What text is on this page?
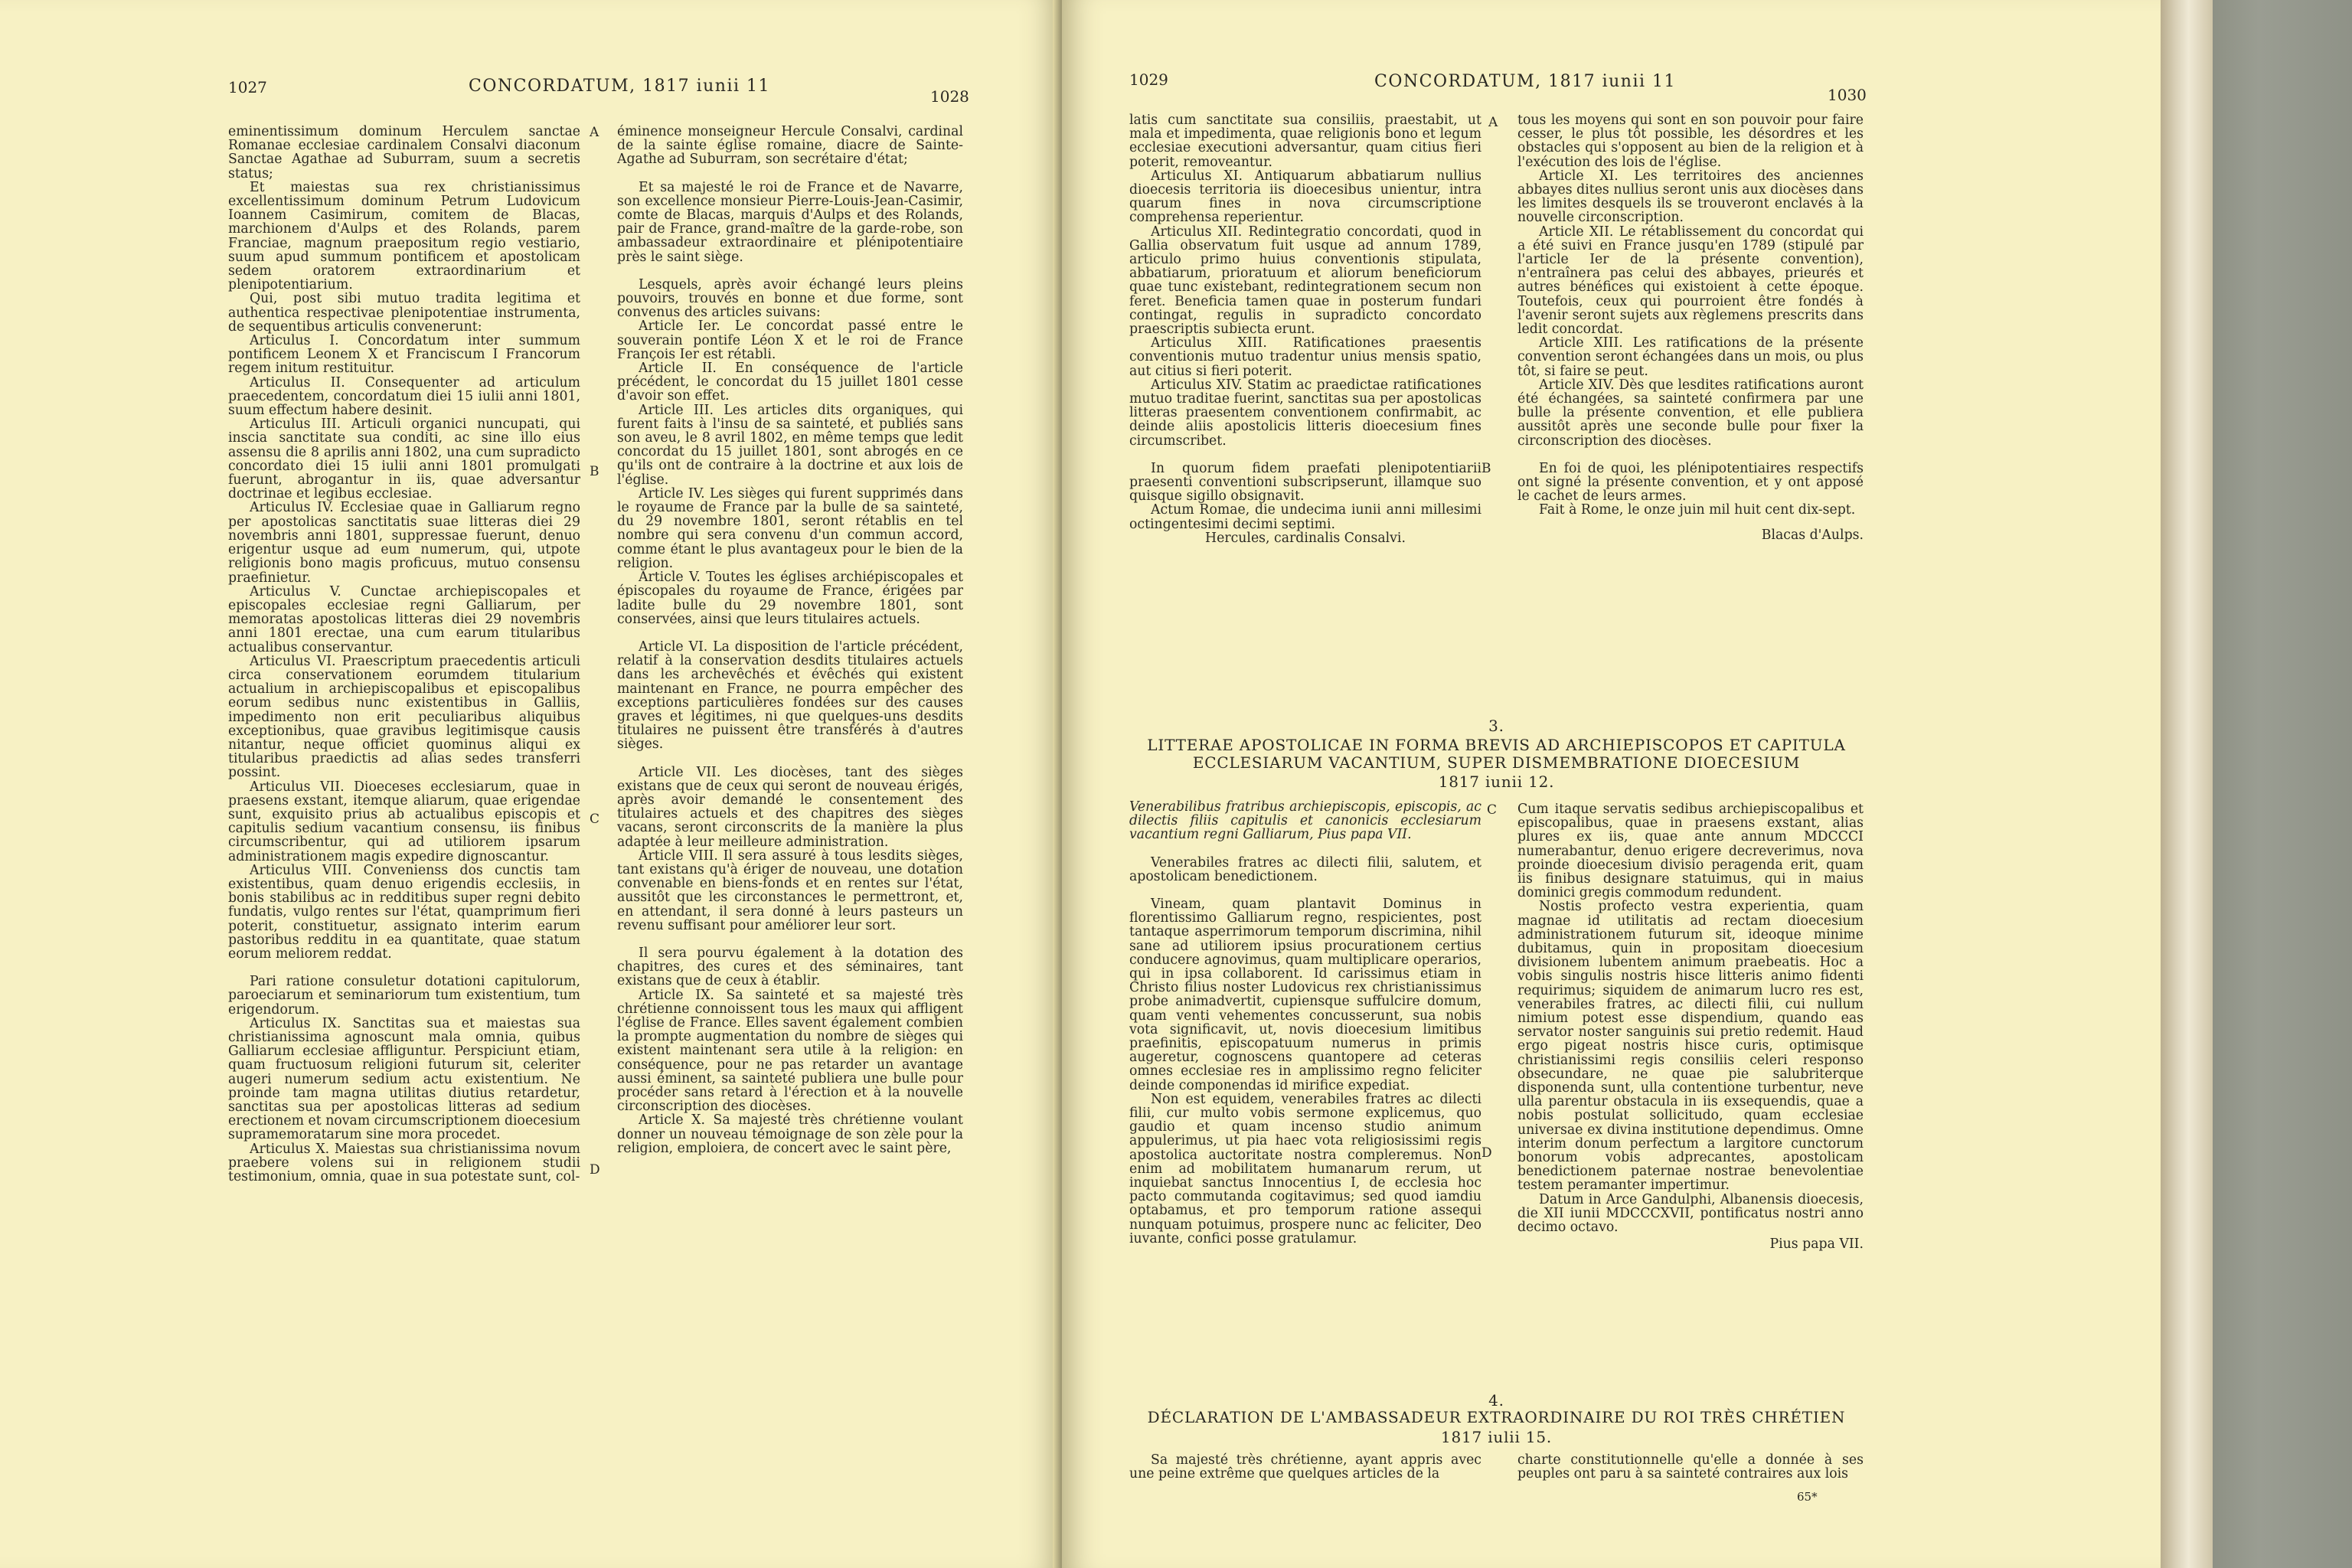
1027	CONCORDATUM, 1817 iunii 11
1028

eminentissimum dominum Herculem sanctae Romanae ecclesiae cardinalem Consalvi diaconum Sanctae Agathae ad Suburram, suum a secretis status;

Et maiestas sua rex christianissimus excellentissimum dominum Petrum Ludovicum Ioannem Casimirum, comitem de Blacas, marchionem d'Aulps et des Rolands, parem Franciae, magnum praepositum regio vestiario, suum apud summum pontificem et apostolicam sedem oratorem extraordinarium et plenipotentiarium.

Qui, post sibi mutuo tradita legitima et authentica respectivae plenipotentiae instrumenta, de sequentibus articulis convenerunt:

Articulus I. Concordatum inter summum pontificem Leonem X et Franciscum I Francorum regem initum restituitur.

Articulus II. Consequenter ad articulum praecedentem, concordatum diei 15 iulii anni 1801, suum effectum habere desinit.

Articulus III. Articuli organici nuncupati, qui inscia sanctitate sua conditi, ac sine illo eius assensu die 8 aprilis anni 1802, una cum supradicto concordato diei 15 iulii anni 1801 promulgati fuerunt, abrogantur in iis, quae adversantur doctrinae et legibus ecclesiae.

Articulus IV. Ecclesiae quae in Galliarum regno per apostolicas sanctitatis suae litteras diei 29 novembris anni 1801, suppressae fuerunt, denuo erigentur usque ad eum numerum, qui, utpote religionis bono magis proficuus, mutuo consensu praefinietur.

Articulus V. Cunctae archiepiscopales et episcopales ecclesiae regni Galliarum, per memoratas apostolicas litteras diei 29 novembris anni 1801 erectae, una cum earum titularibus actualibus conservantur.

Articulus VI. Praescriptum praecedentis articuli circa conservationem eorumdem titularium actualium in archiepiscopalibus et episcopalibus eorum sedibus nunc existentibus in Galliis, impedimento non erit peculiaribus aliquibus exceptionibus, quae gravibus legitimisque causis nitantur, neque officiet quominus aliqui ex titularibus praedictis ad alias sedes transferri possint.

Articulus VII. Dioeceses ecclesiarum, quae in praesens exstant, itemque aliarum, quae erigendae sunt, exquisito prius ab actualibus episcopis et capitulis sedium vacantium consensu, iis finibus circumscribentur, qui ad utiliorem ipsarum administrationem magis expedire dignoscantur.

Articulus VIII. Convenienss dos cunctis tam existentibus, quam denuo erigendis ecclesiis, in bonis stabilibus ac in redditibus super regni debito fundatis, vulgo rentes sur l'état, quamprimum fieri poterit, constituetur, assignato interim earum pastoribus redditu in ea quantitate, quae statum eorum meliorem reddat.

Pari ratione consuletur dotationi capitulorum, paroeciarum et seminariorum tum existentium, tum erigendorum.

Articulus IX. Sanctitas sua et maiestas sua christianissima agnoscunt mala omnia, quibus Galliarum ecclesiae affliguntur. Perspiciunt etiam, quam fructuosum religioni futurum sit, celeriter augeri numerum sedium actu existentium. Ne proinde tam magna utilitas diutius retardetur, sanctitas sua per apostolicas litteras ad sedium erectionem et novam circumscriptionem dioecesium supramemoratarum sine mora procedet.

Articulus X. Maiestas sua christianissima novum praebere volens sui in religionem studii testimonium, omnia, quae in sua potestate sunt, col-

éminence monseigneur Hercule Consalvi, cardinal de la sainte église romaine, diacre de Sainte-Agathe ad Suburram, son secrétaire d'état;

Et sa majesté le roi de France et de Navarre, son excellence monsieur Pierre-Louis-Jean-Casimir, comte de Blacas, marquis d'Aulps et des Rolands, pair de France, grand-maître de la garde-robe, son ambassadeur extraordinaire et plénipotentiaire près le saint siège.

Lesquels, après avoir échangé leurs pleins pouvoirs, trouvés en bonne et due forme, sont convenus des articles suivans:

Article Ier. Le concordat passé entre le souverain pontife Léon X et le roi de France François Ier est rétabli.

Article II. En conséquence de l'article précédent, le concordat du 15 juillet 1801 cesse d'avoir son effet.

Article III. Les articles dits organiques, qui furent faits à l'insu de sa sainteté, et publiés sans son aveu, le 8 avril 1802, en même temps que ledit concordat du 15 juillet 1801, sont abrogés en ce qu'ils ont de contraire à la doctrine et aux lois de l'église.

Article IV. Les sièges qui furent supprimés dans le royaume de France par la bulle de sa sainteté, du 29 novembre 1801, seront rétablis en tel nombre qui sera convenu d'un commun accord, comme étant le plus avantageux pour le bien de la religion.

Article V. Toutes les églises archiépiscopales et épiscopales du royaume de France, érigées par ladite bulle du 29 novembre 1801, sont conservées, ainsi que leurs titulaires actuels.

Article VI. La disposition de l'article précédent, relatif à la conservation desdits titulaires actuels dans les archevêchés et évêchés qui existent maintenant en France, ne pourra empêcher des exceptions particulières fondées sur des causes graves et légitimes, ni que quelques-uns desdits titulaires ne puissent être transférés à d'autres sièges.

Article VII. Les diocèses, tant des sièges existans que de ceux qui seront de nouveau érigés, après avoir demandé le consentement des titulaires actuels et des chapitres des sièges vacans, seront circonscrits de la manière la plus adaptée à leur meilleure administration.

Article VIII. Il sera assuré à tous lesdits sièges, tant existans qu'à ériger de nouveau, une dotation convenable en biens-fonds et en rentes sur l'état, aussitôt que les circonstances le permettront, et, en attendant, il sera donné à leurs pasteurs un revenu suffisant pour améliorer leur sort.

Il sera pourvu également à la dotation des chapitres, des cures et des séminaires, tant existans que de ceux à établir.

Article IX. Sa sainteté et sa majesté très chrétienne connoissent tous les maux qui affligent l'église de France. Elles savent également combien la prompte augmentation du nombre de sièges qui existent maintenant sera utile à la religion: en conséquence, pour ne pas retarder un avantage aussi éminent, sa sainteté publiera une bulle pour procéder sans retard à l'érection et à la nouvelle circonscription des diocèses.

Article X. Sa majesté très chrétienne voulant donner un nouveau témoignage de son zèle pour la religion, emploiera, de concert avec le saint père,

A
B
C
D
1029	CONCORDATUM, 1817 iunii 11
1030

latis cum sanctitate sua consiliis, praestabit, ut mala et impedimenta, quae religionis bono et legum ecclesiae executioni adversantur, quam citius fieri poterit, removeantur.

Articulus XI. Antiquarum abbatiarum nullius dioecesis territoria iis dioecesibus unientur, intra quarum fines in nova circumscriptione comprehensa reperientur.

Articulus XII. Redintegratio concordati, quod in Gallia observatum fuit usque ad annum 1789, articulo primo huius conventionis stipulata, abbatiarum, prioratuum et aliorum beneficiorum quae tunc existebant, redintegrationem secum non feret. Beneficia tamen quae in posterum fundari contingat, regulis in supradicto concordato praescriptis subiecta erunt.

Articulus XIII. Ratificationes praesentis conventionis mutuo tradentur unius mensis spatio, aut citius si fieri poterit.

Articulus XIV. Statim ac praedictae ratificationes mutuo traditae fuerint, sanctitas sua per apostolicas litteras praesentem conventionem confirmabit, ac deinde aliis apostolicis litteris dioecesium fines circumscribet.

In quorum fidem praefati plenipotentiarii praesenti conventioni subscripserunt, illamque suo quisque sigillo obsignavit.

Actum Romae, die undecima iunii anni millesimi octingentesimi decimi septimi.

Hercules, cardinalis Consalvi.

tous les moyens qui sont en son pouvoir pour faire cesser, le plus tôt possible, les désordres et les obstacles qui s'opposent au bien de la religion et à l'exécution des lois de l'église.

Article XI. Les territoires des anciennes abbayes dites nullius seront unis aux diocèses dans les limites desquels ils se trouveront enclavés à la nouvelle circonscription.

Article XII. Le rétablissement du concordat qui a été suivi en France jusqu'en 1789 (stipulé par l'article Ier de la présente convention), n'entraînera pas celui des abbayes, prieurés et autres bénéfices qui existoient à cette époque. Toutefois, ceux qui pourroient être fondés à l'avenir seront sujets aux règlemens prescrits dans ledit concordat.

Article XIII. Les ratifications de la présente convention seront échangées dans un mois, ou plus tôt, si faire se peut.

Article XIV. Dès que lesdites ratifications auront été échangées, sa sainteté confirmera par une bulle la présente convention, et elle publiera aussitôt après une seconde bulle pour fixer la circonscription des diocèses.

En foi de quoi, les plénipotentiaires respectifs ont signé la présente convention, et y ont apposé le cachet de leurs armes.

Fait à Rome, le onze juin mil huit cent dix-sept.

Blacas d'Aulps.

A
B
C
D
3.
LITTERAE APOSTOLICAE IN FORMA BREVIS AD ARCHIEPISCOPOS ET CAPITULA ECCLESIARUM VACANTIUM, SUPER DISMEMBRATIONE DIOECESIUM
1817 iunii 12.

Venerabilibus fratribus archiepiscopis, episcopis, ac dilectis filiis capitulis et canonicis ecclesiarum vacantium regni Galliarum, Pius papa VII.

Venerabiles fratres ac dilecti filii, salutem, et apostolicam benedictionem.

Vineam, quam plantavit Dominus in florentissimo Galliarum regno, respicientes, post tantaque asperrimorum temporum discrimina, nihil sane ad utiliorem ipsius procurationem certius conducere agnovimus, quam multiplicare operarios, qui in ipsa collaborent. Id carissimus etiam in Christo filius noster Ludovicus rex christianissimus probe animadvertit, cupiensque suffulcire domum, quam venti vehementes concusserunt, sua nobis vota significavit, ut, novis dioecesium limitibus praefinitis, episcopatuum numerus in primis augeretur, cognoscens quantopere ad ceteras omnes ecclesiae res in amplissimo regno feliciter deinde componendas id mirifice expediat.

Non est equidem, venerabiles fratres ac dilecti filii, cur multo vobis sermone explicemus, quo gaudio et quam incenso studio animum appulerimus, ut pia haec vota religiosissimi regis apostolica auctoritate nostra compleremus. Non enim ad mobilitatem humanarum rerum, ut inquiebat sanctus Innocentius I, de ecclesia hoc pacto commutanda cogitavimus; sed quod iamdiu optabamus, et pro temporum ratione assequi nunquam potuimus, prospere nunc ac feliciter, Deo iuvante, confici posse gratulamur.

Cum itaque servatis sedibus archiepiscopalibus et episcopalibus, quae in praesens exstant, alias plures ex iis, quae ante annum MDCCCI numerabantur, denuo erigere decreverimus, nova proinde dioecesium divisio peragenda erit, quam iis finibus designare statuimus, qui in maius dominici gregis commodum redundent.

Nostis profecto vestra experientia, quam magnae id utilitatis ad rectam dioecesium administrationem futurum sit, ideoque minime dubitamus, quin in propositam dioecesium divisionem lubentem animum praebeatis. Hoc a vobis singulis nostris hisce litteris animo fidenti requirimus; siquidem de animarum lucro res est, venerabiles fratres, ac dilecti filii, cui nullum nimium potest esse dispendium, quando eas servator noster sanguinis sui pretio redemit. Haud ergo pigeat nostris hisce curis, optimisque christianissimi regis consiliis celeri responso obsecundare, ne quae pie salubriterque disponenda sunt, ulla contentione turbentur, neve ulla parentur obstacula in iis exsequendis, quae a nobis postulat sollicitudo, quam ecclesiae universae ex divina institutione dependimus. Omne interim donum perfectum a largitore cunctorum bonorum vobis adprecantes, apostolicam benedictionem paternae nostrae benevolentiae testem peramanter impertimur.

Datum in Arce Gandulphi, Albanensis dioecesis, die XII iunii MDCCCXVII, pontificatus nostri anno decimo octavo.

Pius papa VII.

4.
DÉCLARATION DE L'AMBASSADEUR EXTRAORDINAIRE DU ROI TRÈS CHRÉTIEN
1817 iulii 15.

Sa majesté très chrétienne, ayant appris avec une peine extrême que quelques articles de la

charte constitutionnelle qu'elle a donnée à ses peuples ont paru à sa sainteté contraires aux lois

65*
